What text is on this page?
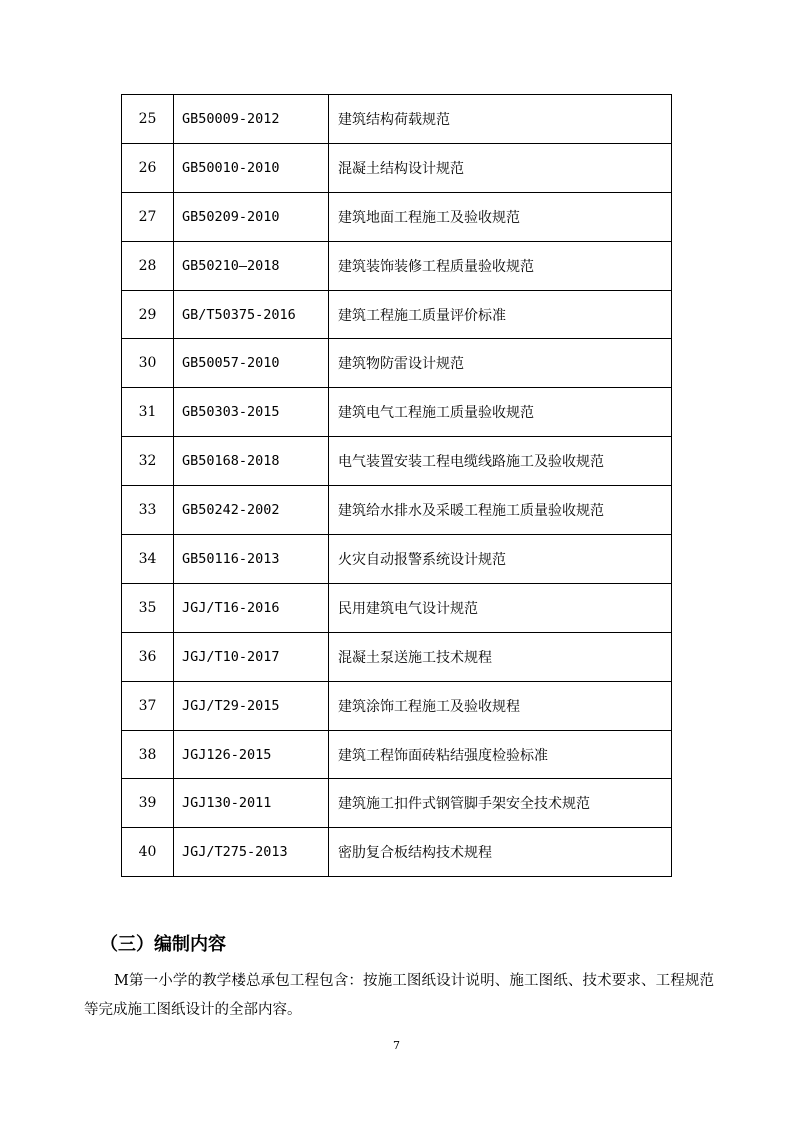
25	GB50009-2012	建筑结构荷载规范
26	GB50010-2010	混凝土结构设计规范
27	GB50209-2010	建筑地面工程施工及验收规范
28	GB50210—2018	建筑装饰装修工程质量验收规范
29	GB/T50375-2016	建筑工程施工质量评价标准
30	GB50057-2010	建筑物防雷设计规范
31	GB50303-2015	建筑电气工程施工质量验收规范
32	GB50168-2018	电气装置安装工程电缆线路施工及验收规范
33	GB50242-2002	建筑给水排水及采暖工程施工质量验收规范
34	GB50116-2013	火灾自动报警系统设计规范
35	JGJ/T16-2016	民用建筑电气设计规范
36	JGJ/T10-2017	混凝土泵送施工技术规程
37	JGJ/T29-2015	建筑涂饰工程施工及验收规程
38	JGJ126-2015	建筑工程饰面砖粘结强度检验标准
39	JGJ130-2011	建筑施工扣件式钢管脚手架安全技术规范
40	JGJ/T275-2013	密肋复合板结构技术规程
（三）编制内容

M第一小学的教学楼总承包工程包含：按施工图纸设计说明、施工图纸、技术要求、工程规范等完成施工图纸设计的全部内容。

7
